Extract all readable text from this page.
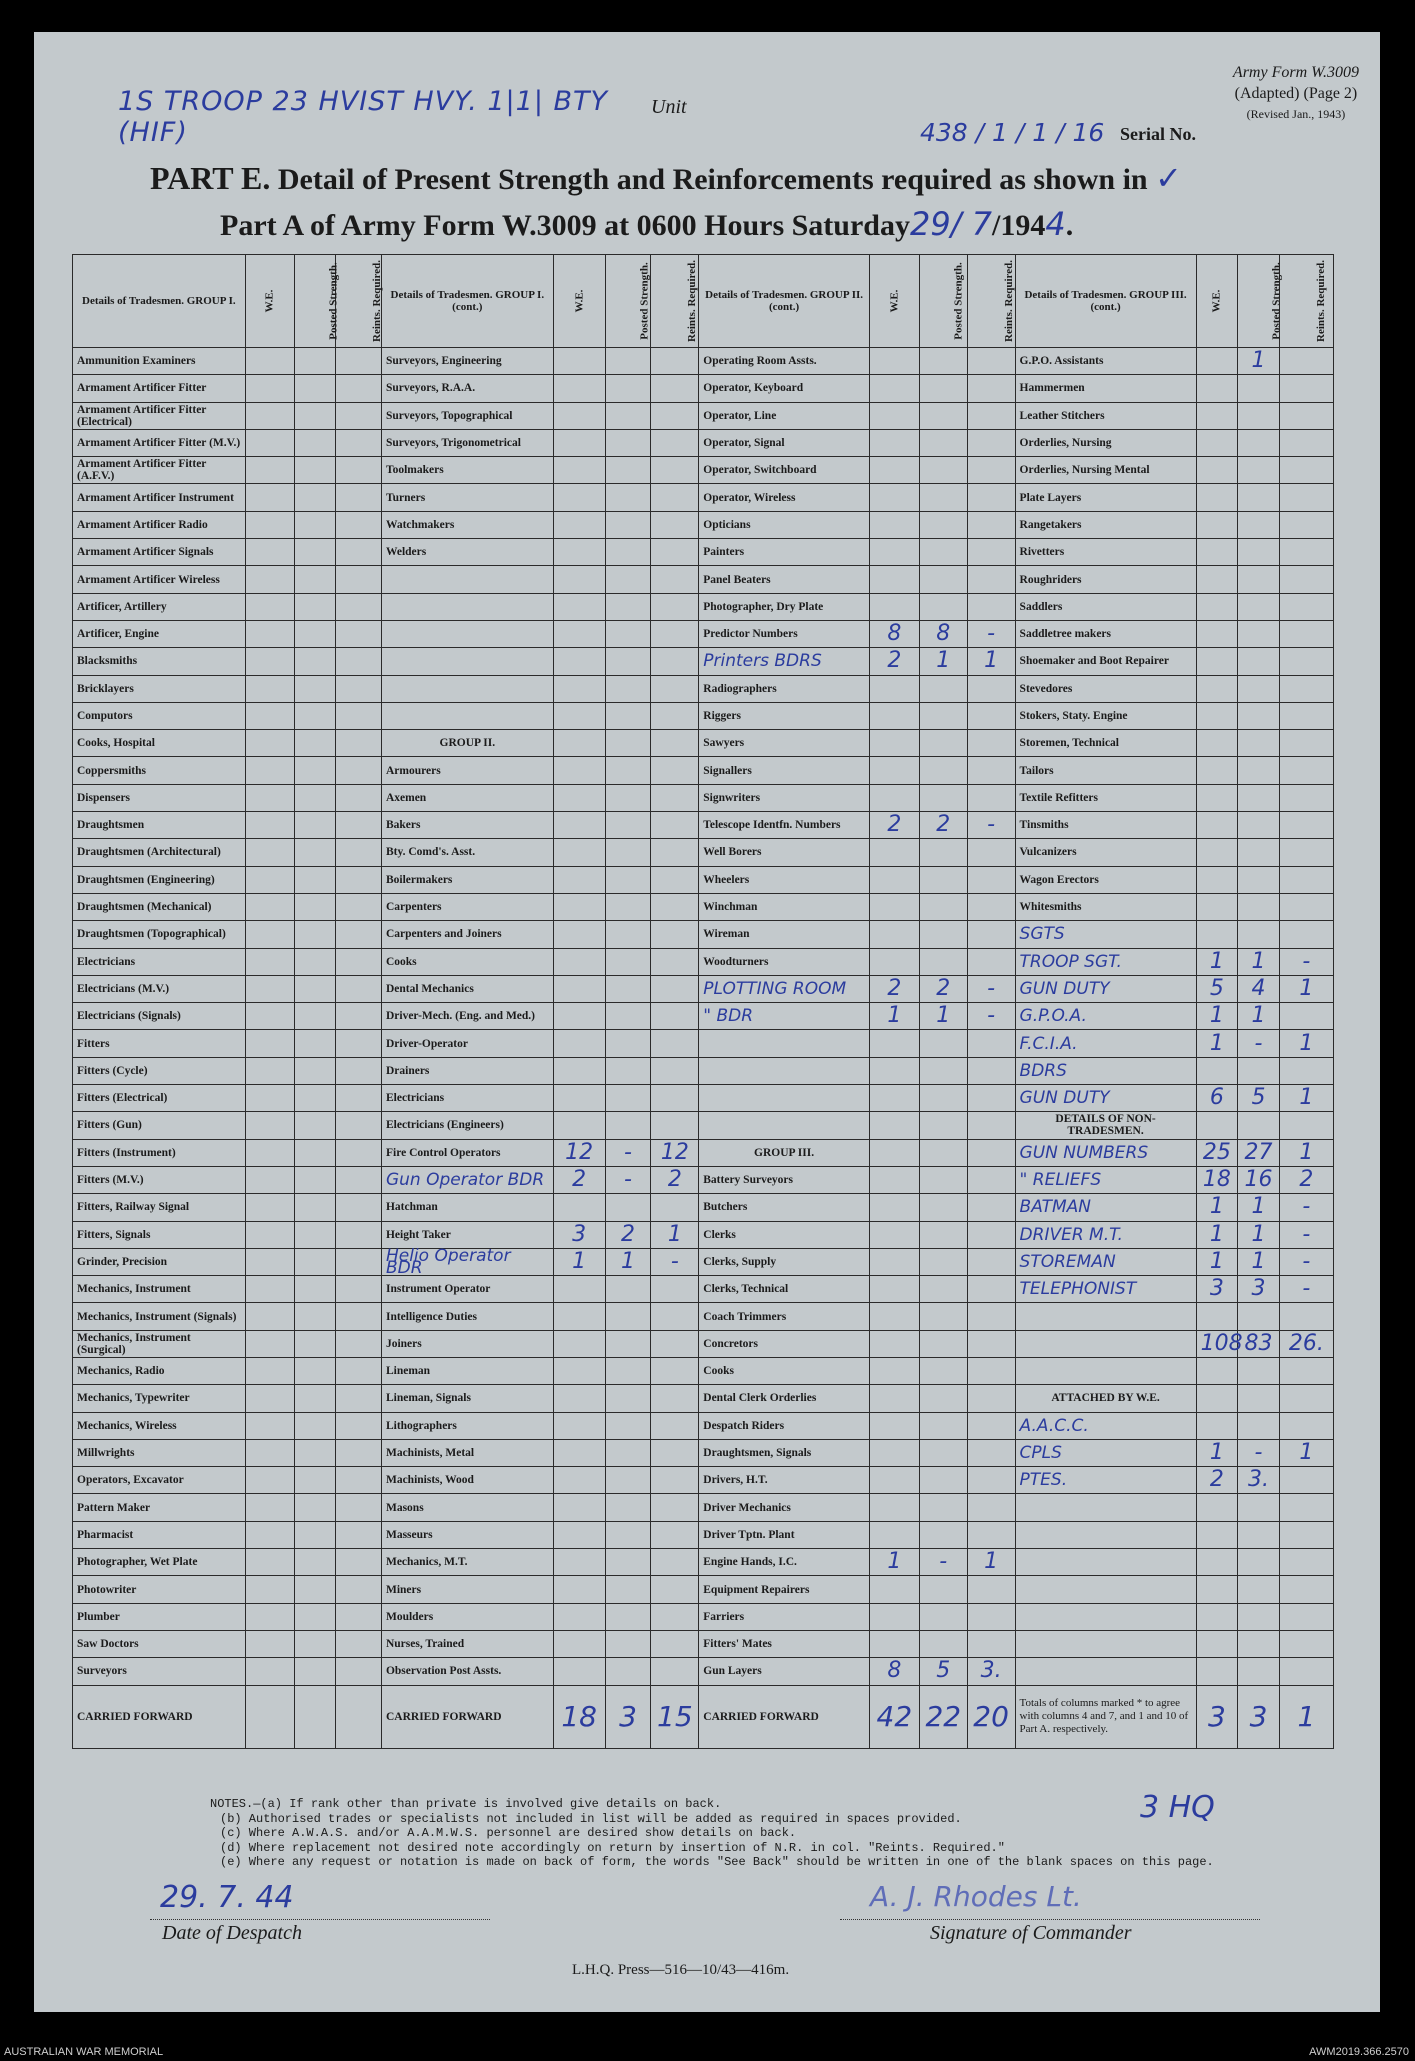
1S TROOP 23 HVIST HVY. 1|1| BTY (HIF)
Unit
Army Form W.3009
(Adapted) (Page 2)
(Revised Jan., 1943)
438 / 1 / 1 / 16 Serial No.
PART E. Detail of Present Strength and Reinforcements required as shown in ✓
Part A of Army Form W.3009 at 0600 Hours Saturday29/ 7/1944.
Details of Tradesmen. GROUP I.	W.E.	Posted Strength.	Reints. Required.	Details of Tradesmen. GROUP I. (cont.)	W.E.	Posted Strength.	Reints. Required.	Details of Tradesmen. GROUP II. (cont.)	W.E.	Posted Strength.	Reints. Required.	Details of Tradesmen. GROUP III. (cont.)	W.E.	Posted Strength.	Reints. Required.
Ammunition Examiners				Surveyors, Engineering				Operating Room Assts.				G.P.O. Assistants		1	
Armament Artificer Fitter				Surveyors, R.A.A.				Operator, Keyboard				Hammermen			
Armament Artificer Fitter (Electrical)				Surveyors, Topographical				Operator, Line				Leather Stitchers			
Armament Artificer Fitter (M.V.)				Surveyors, Trigonometrical				Operator, Signal				Orderlies, Nursing			
Armament Artificer Fitter (A.F.V.)				Toolmakers				Operator, Switchboard				Orderlies, Nursing Mental			
Armament Artificer Instrument				Turners				Operator, Wireless				Plate Layers			
Armament Artificer Radio				Watchmakers				Opticians				Rangetakers			
Armament Artificer Signals				Welders				Painters				Rivetters			
Armament Artificer Wireless								Panel Beaters				Roughriders			
Artificer, Artillery								Photographer, Dry Plate				Saddlers			
Artificer, Engine								Predictor Numbers	8	8	-	Saddletree makers			
Blacksmiths								Printers BDRS	2	1	1	Shoemaker and Boot Repairer			
Bricklayers								Radiographers				Stevedores			
Computors								Riggers				Stokers, Staty. Engine			
Cooks, Hospital				GROUP II.				Sawyers				Storemen, Technical			
Coppersmiths				Armourers				Signallers				Tailors			
Dispensers				Axemen				Signwriters				Textile Refitters			
Draughtsmen				Bakers				Telescope Identfn. Numbers	2	2	-	Tinsmiths			
Draughtsmen (Architectural)				Bty. Comd's. Asst.				Well Borers				Vulcanizers			
Draughtsmen (Engineering)				Boilermakers				Wheelers				Wagon Erectors			
Draughtsmen (Mechanical)				Carpenters				Winchman				Whitesmiths			
Draughtsmen (Topographical)				Carpenters and Joiners				Wireman				SGTS			
Electricians				Cooks				Woodturners				TROOP SGT.	1	1	-
Electricians (M.V.)				Dental Mechanics				PLOTTING ROOM	2	2	-	GUN DUTY	5	4	1
Electricians (Signals)				Driver-Mech. (Eng. and Med.)				" BDR	1	1	-	G.P.O.A.	1	1	
Fitters				Driver-Operator								F.C.I.A.	1	-	1
Fitters (Cycle)				Drainers								BDRS			
Fitters (Electrical)				Electricians								GUN DUTY	6	5	1
Fitters (Gun)				Electricians (Engineers)								DETAILS OF NON-TRADESMEN.			
Fitters (Instrument)				Fire Control Operators	12	-	12	GROUP III.				GUN NUMBERS	25	27	1
Fitters (M.V.)				Gun Operator BDR	2	-	2	Battery Surveyors				" RELIEFS	18	16	2
Fitters, Railway Signal				Hatchman				Butchers				BATMAN	1	1	-
Fitters, Signals				Height Taker	3	2	1	Clerks				DRIVER M.T.	1	1	-
Grinder, Precision				Helio Operator BDR	1	1	-	Clerks, Supply				STOREMAN	1	1	-
Mechanics, Instrument				Instrument Operator				Clerks, Technical				TELEPHONIST	3	3	-
Mechanics, Instrument (Signals)				Intelligence Duties				Coach Trimmers							
Mechanics, Instrument (Surgical)				Joiners				Concretors					108	83	26.
Mechanics, Radio				Lineman				Cooks							
Mechanics, Typewriter				Lineman, Signals				Dental Clerk Orderlies				ATTACHED BY W.E.			
Mechanics, Wireless				Lithographers				Despatch Riders				A.A.C.C.			
Millwrights				Machinists, Metal				Draughtsmen, Signals				CPLS	1	-	1
Operators, Excavator				Machinists, Wood				Drivers, H.T.				PTES.	2	3.	
Pattern Maker				Masons				Driver Mechanics							
Pharmacist				Masseurs				Driver Tptn. Plant							
Photographer, Wet Plate				Mechanics, M.T.				Engine Hands, I.C.	1	-	1				
Photowriter				Miners				Equipment Repairers							
Plumber				Moulders				Farriers							
Saw Doctors				Nurses, Trained				Fitters' Mates							
Surveyors				Observation Post Assts.				Gun Layers	8	5	3.				
CARRIED FORWARD				CARRIED FORWARD	18	3	15	CARRIED FORWARD	42	22	20	Totals of columns marked * to agree with columns 4 and 7, and 1 and 10 of Part A. respectively.	3	3	1
NOTES.—(a) If rank other than private is involved give details on back.
(b) Authorised trades or specialists not included in list will be added as required in spaces provided.
(c) Where A.W.A.S. and/or A.A.M.W.S. personnel are desired show details on back.
(d) Where replacement not desired note accordingly on return by insertion of N.R. in col. "Reints. Required."
(e) Where any request or notation is made on back of form, the words "See Back" should be written in one of the blank spaces on this page.
3 HQ
29. 7. 44
Date of Despatch
A. J. Rhodes Lt.
Signature of Commander
L.H.Q. Press—516—10/43—416m.
AUSTRALIAN WAR MEMORIAL	AWM2019.366.2570
